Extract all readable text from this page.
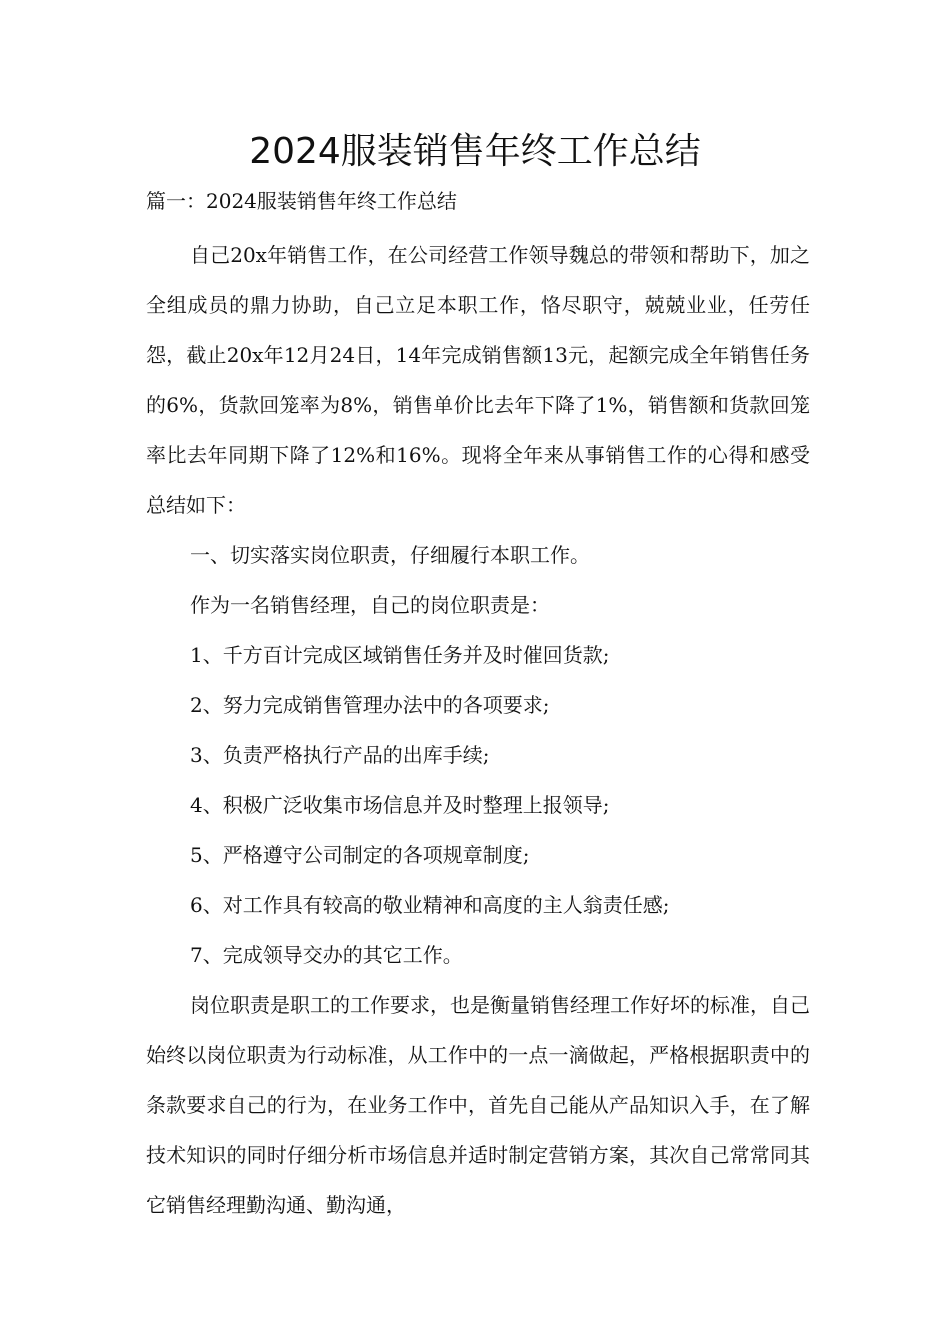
2024服装销售年终工作总结

篇一：2024服装销售年终工作总结

自己20x年销售工作，在公司经营工作领导魏总的带领和帮助下，加之全组成员的鼎力协助，自己立足本职工作，恪尽职守，兢兢业业，任劳任怨，截止20x年12月24日，14年完成销售额13元，起额完成全年销售任务的6%，货款回笼率为8%，销售单价比去年下降了1%，销售额和货款回笼率比去年同期下降了12%和16%。现将全年来从事销售工作的心得和感受总结如下：

一、切实落实岗位职责，仔细履行本职工作。

作为一名销售经理，自己的岗位职责是：

1、千方百计完成区域销售任务并及时催回货款;

2、努力完成销售管理办法中的各项要求;

3、负责严格执行产品的出库手续;

4、积极广泛收集市场信息并及时整理上报领导;

5、严格遵守公司制定的各项规章制度;

6、对工作具有较高的敬业精神和高度的主人翁责任感;

7、完成领导交办的其它工作。

岗位职责是职工的工作要求，也是衡量销售经理工作好坏的标准，自己始终以岗位职责为行动标准，从工作中的一点一滴做起，严格根据职责中的条款要求自己的行为，在业务工作中，首先自己能从产品知识入手，在了解技术知识的同时仔细分析市场信息并适时制定营销方案，其次自己常常同其它销售经理勤沟通、勤沟通，
